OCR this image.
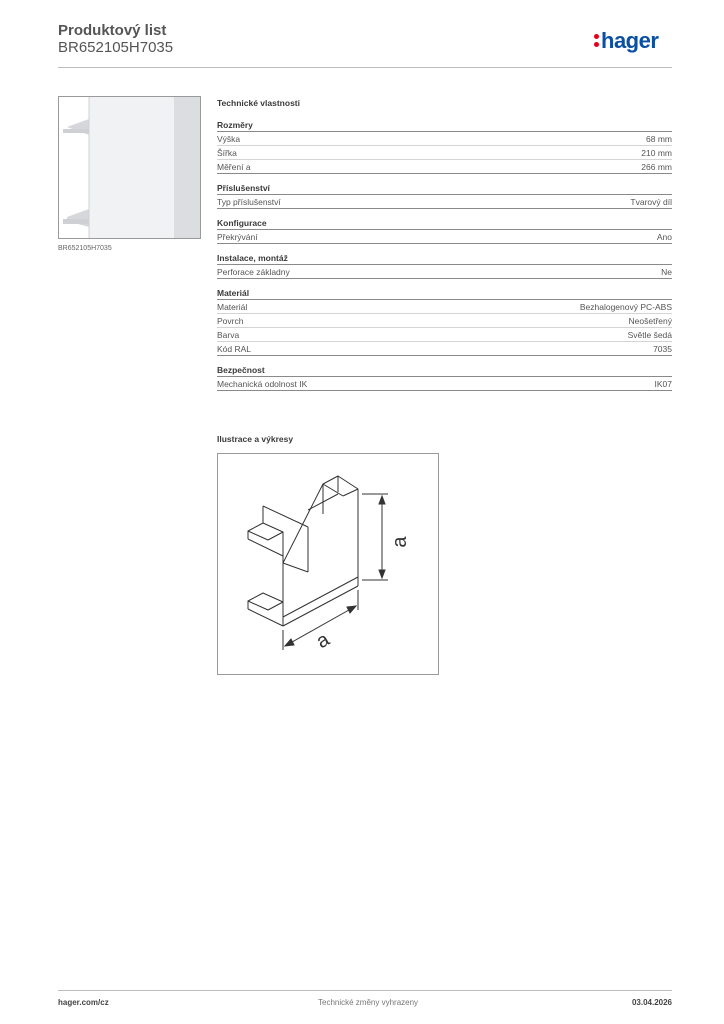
Produktový list
BR652105H7035	hager
BR652105H7035
Technické vlastnosti
Rozměry
Výška	68 mm
Šířka	210 mm
Měření a	266 mm
Příslušenství
Typ příslušenství	Tvarový díl
Konfigurace
Překrývání	Ano
Instalace, montáž
Perforace základny	Ne
Materiál
Materiál	Bezhalogenový PC-ABS
Povrch	Neošetřený
Barva	Světle šedá
Kód RAL	7035
Bezpečnost
Mechanická odolnost IK	IK07
Ilustrace a výkresy
a
a
hager.com/cz	Technické změny vyhrazeny	03.04.2026
